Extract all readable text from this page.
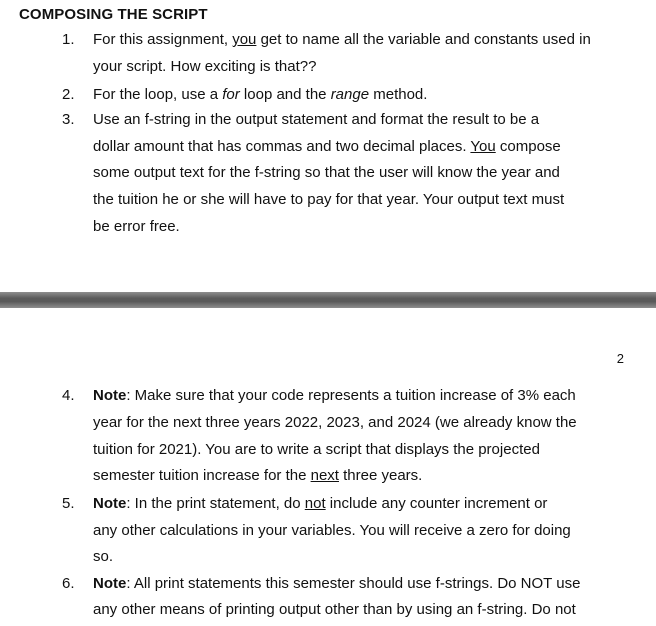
COMPOSING THE SCRIPT
1.	For this assignment, you get to name all the variable and constants used in
your script. How exciting is that??
2.	For the loop, use a for loop and the range method.
3.	Use an f-string in the output statement and format the result to be a
dollar amount that has commas and two decimal places. You compose
some output text for the f-string so that the user will know the year and
the tuition he or she will have to pay for that year. Your output text must
be error free.
2
4.	Note: Make sure that your code represents a tuition increase of 3% each
year for the next three years 2022, 2023, and 2024 (we already know the
tuition for 2021). You are to write a script that displays the projected
semester tuition increase for the next three years.
5.	Note: In the print statement, do not include any counter increment or
any other calculations in your variables. You will receive a zero for doing
so.
6.	Note: All print statements this semester should use f-strings. Do NOT use
any other means of printing output other than by using an f-string. Do not
